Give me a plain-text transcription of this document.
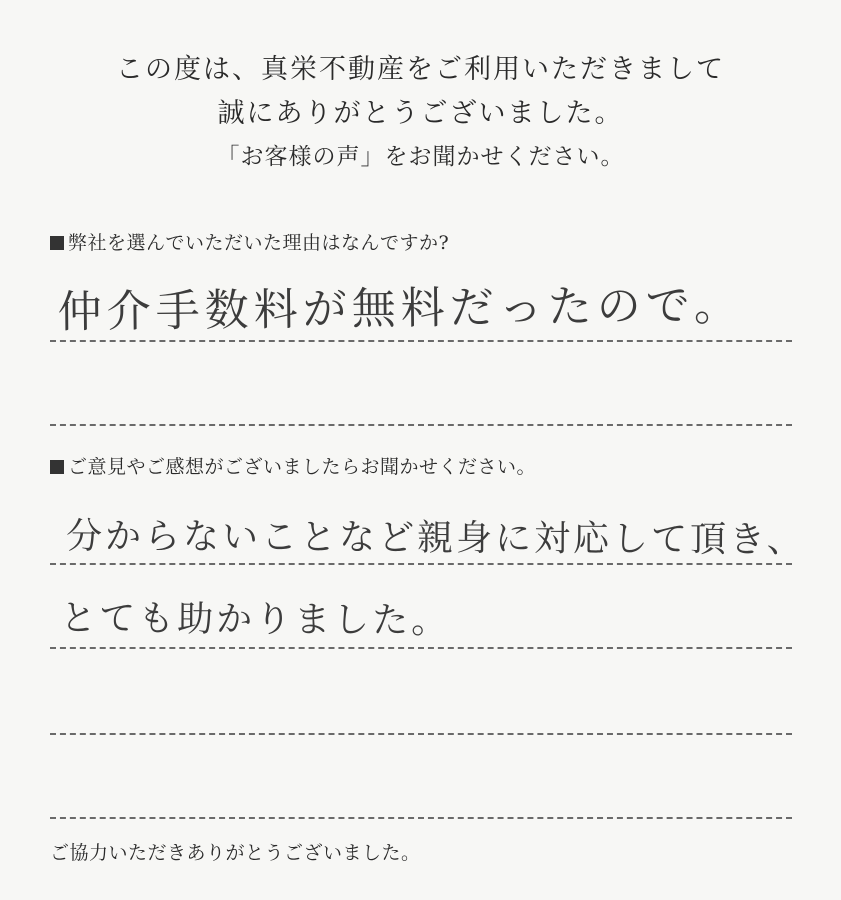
この度は、真栄不動産をご利用いただきまして
誠にありがとうございました。
「お客様の声」をお聞かせください。
弊社を選んでいただいた理由はなんですか?
仲介手数料が無料だったので。
ご意見やご感想がございましたらお聞かせください。
分からないことなど親身に対応して頂き、
とても助かりました。
ご協力いただきありがとうございました。
